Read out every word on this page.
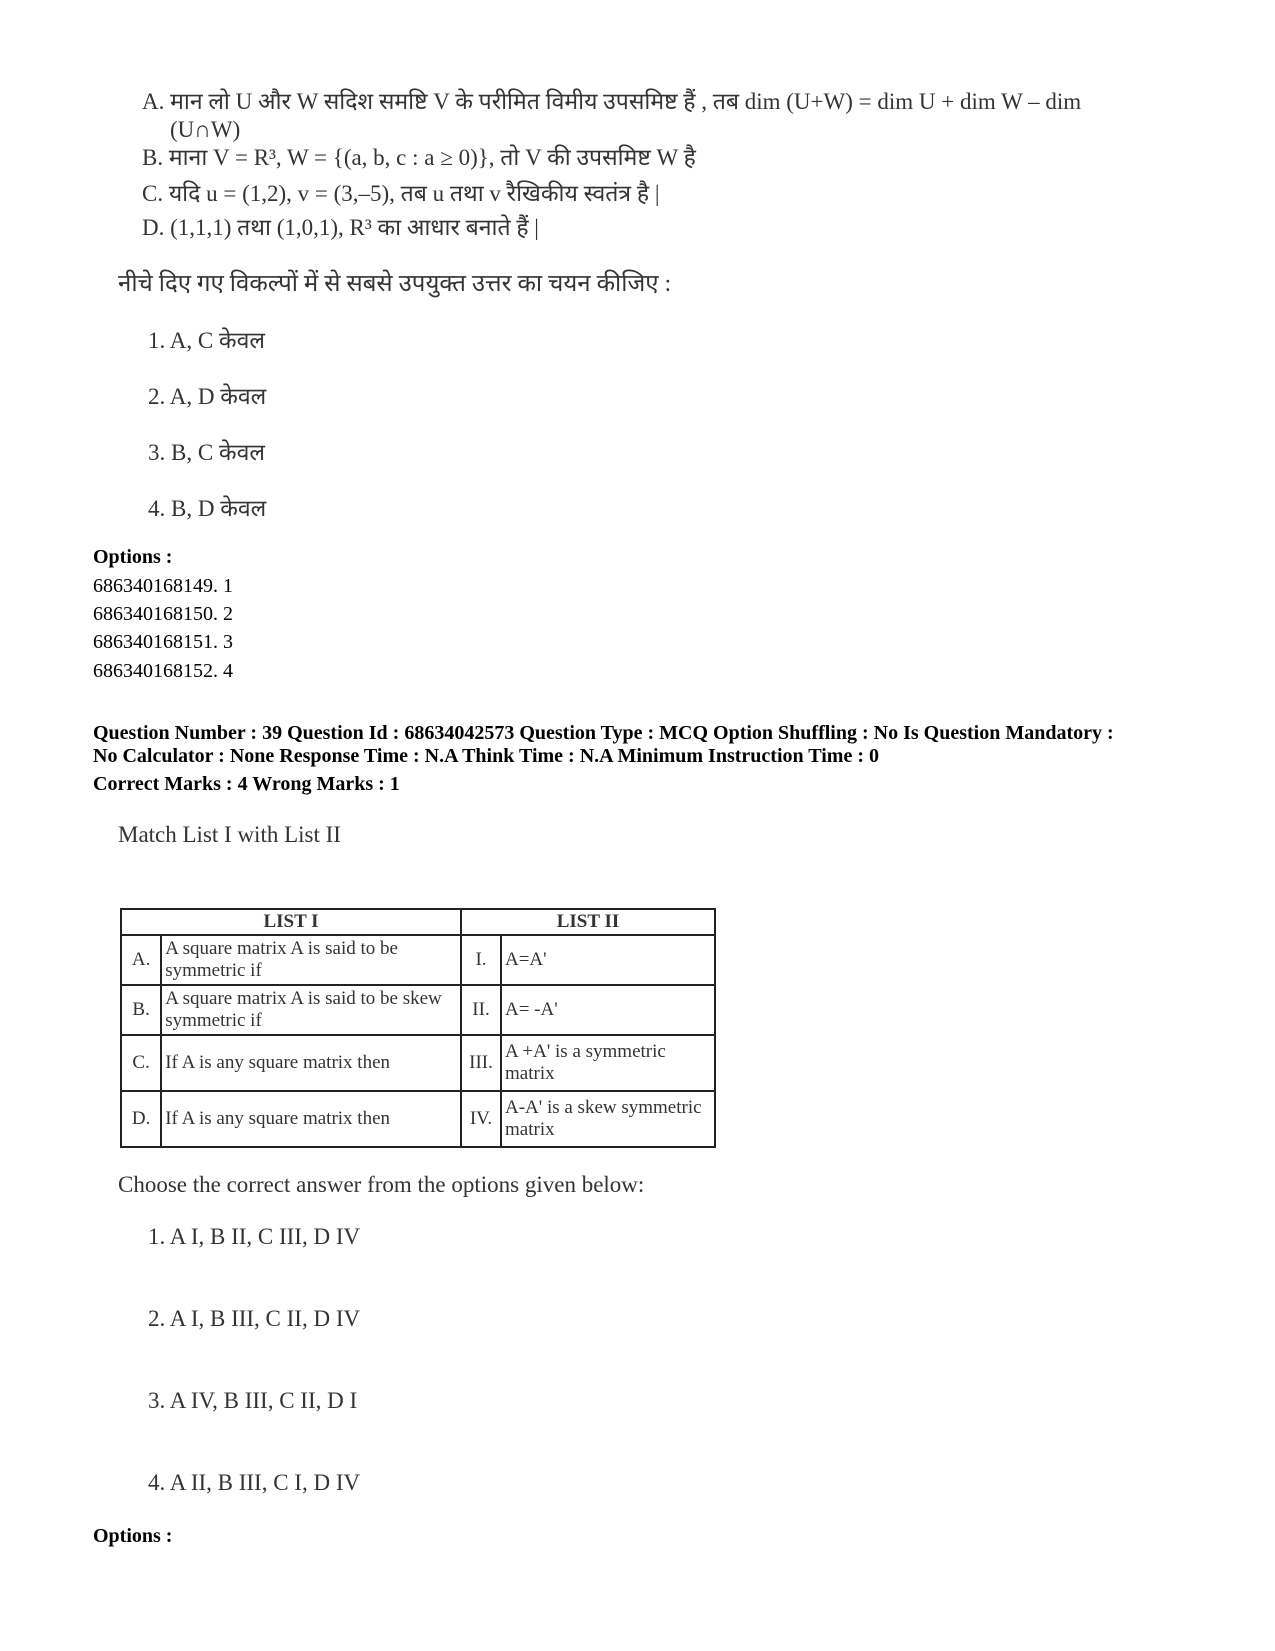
A. मान लो U और W सदिश समष्टि V के परीमित विमीय उपसमिष्ट हैं , तब dim (U+W) = dim U + dim W – dim
(U∩W)
B. माना V = R³, W = {(a, b, c : a ≥ 0)}, तो V की उपसमिष्ट W है
C. यदि u = (1,2), v = (3,–5), तब u तथा v रैखिकीय स्वतंत्र है |
D. (1,1,1) तथा (1,0,1), R³ का आधार बनाते हैं |
नीचे दिए गए विकल्पों में से सबसे उपयुक्त उत्तर का चयन कीजिए :
1. A, C केवल
2. A, D केवल
3. B, C केवल
4. B, D केवल
Options :
686340168149. 1
686340168150. 2
686340168151. 3
686340168152. 4
Question Number : 39 Question Id : 68634042573 Question Type : MCQ Option Shuffling : No Is Question Mandatory :
No Calculator : None Response Time : N.A Think Time : N.A Minimum Instruction Time : 0
Correct Marks : 4 Wrong Marks : 1
Match List I with List II
LIST I		LIST II	
A.	A square matrix A is said to be symmetric if	I.	A=A'
B.	A square matrix A is said to be skew symmetric if	II.	A= -A'
C.	If A is any square matrix then	III.	A +A' is a symmetric matrix
D.	If A is any square matrix then	IV.	A-A' is a skew symmetric matrix
Choose the correct answer from the options given below:
1. A I, B II, C III, D IV
2. A I, B III, C II, D IV
3. A IV, B III, C II, D I
4. A II, B III, C I, D IV
Options :
